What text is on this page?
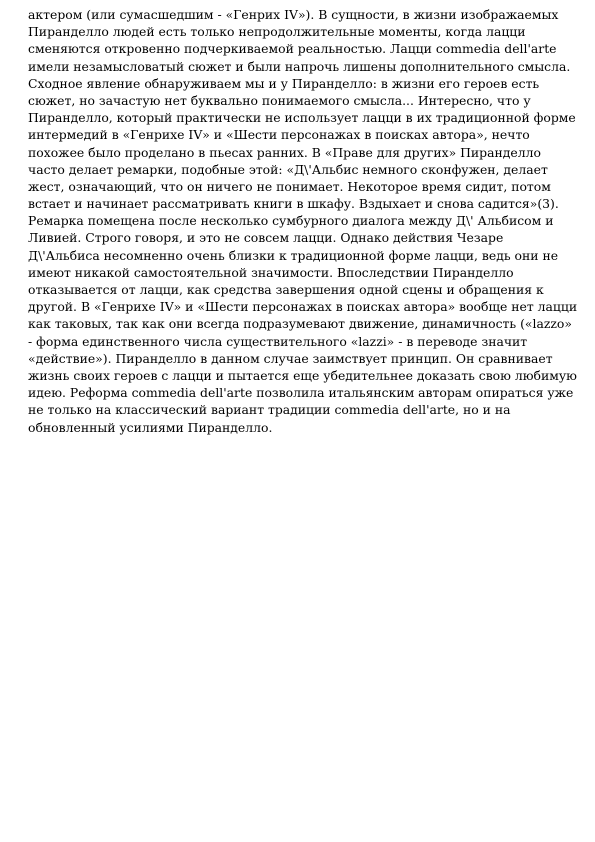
актером (или сумасшедшим - «Генрих IV»). В сущности, в жизни изображаемых
Пиранделло людей есть только непродолжительные моменты, когда лацци
сменяются откровенно подчеркиваемой реальностью. Лацци commedia dell'arte
имели незамысловатый сюжет и были напрочь лишены дополнительного смысла.
Сходное явление обнаруживаем мы и у Пиранделло: в жизни его героев есть
сюжет, но зачастую нет буквально понимаемого смысла... Интересно, что у
Пиранделло, который практически не использует лацци в их традиционной форме
интермедий в «Генрихе IV» и «Шести персонажах в поисках автора», нечто
похожее было проделано в пьесах ранних. В «Праве для других» Пиранделло
часто делает ремарки, подобные этой: «Д\'Альбис немного сконфужен, делает
жест, означающий, что он ничего не понимает. Некоторое время сидит, потом
встает и начинает рассматривать книги в шкафу. Вздыхает и снова садится»(3).
Ремарка помещена после несколько сумбурного диалога между Д\' Альбисом и
Ливией. Строго говоря, и это не совсем лацци. Однако действия Чезаре
Д\'Альбиса несомненно очень близки к традиционной форме лацци, ведь они не
имеют никакой самостоятельной значимости. Впоследствии Пиранделло
отказывается от лацци, как средства завершения одной сцены и обращения к
другой. В «Генрихе IV» и «Шести персонажах в поисках автора» вообще нет лацци
как таковых, так как они всегда подразумевают движение, динамичность («lazzo»
- форма единственного числа существительного «lazzi» - в переводе значит
«действие»). Пиранделло в данном случае заимствует принцип. Он сравнивает
жизнь своих героев с лацци и пытается еще убедительнее доказать свою любимую
идею. Реформа commedia dell'arte позволила итальянским авторам опираться уже
не только на классический вариант традиции commedia dell'arte, но и на
обновленный усилиями Пиранделло.
